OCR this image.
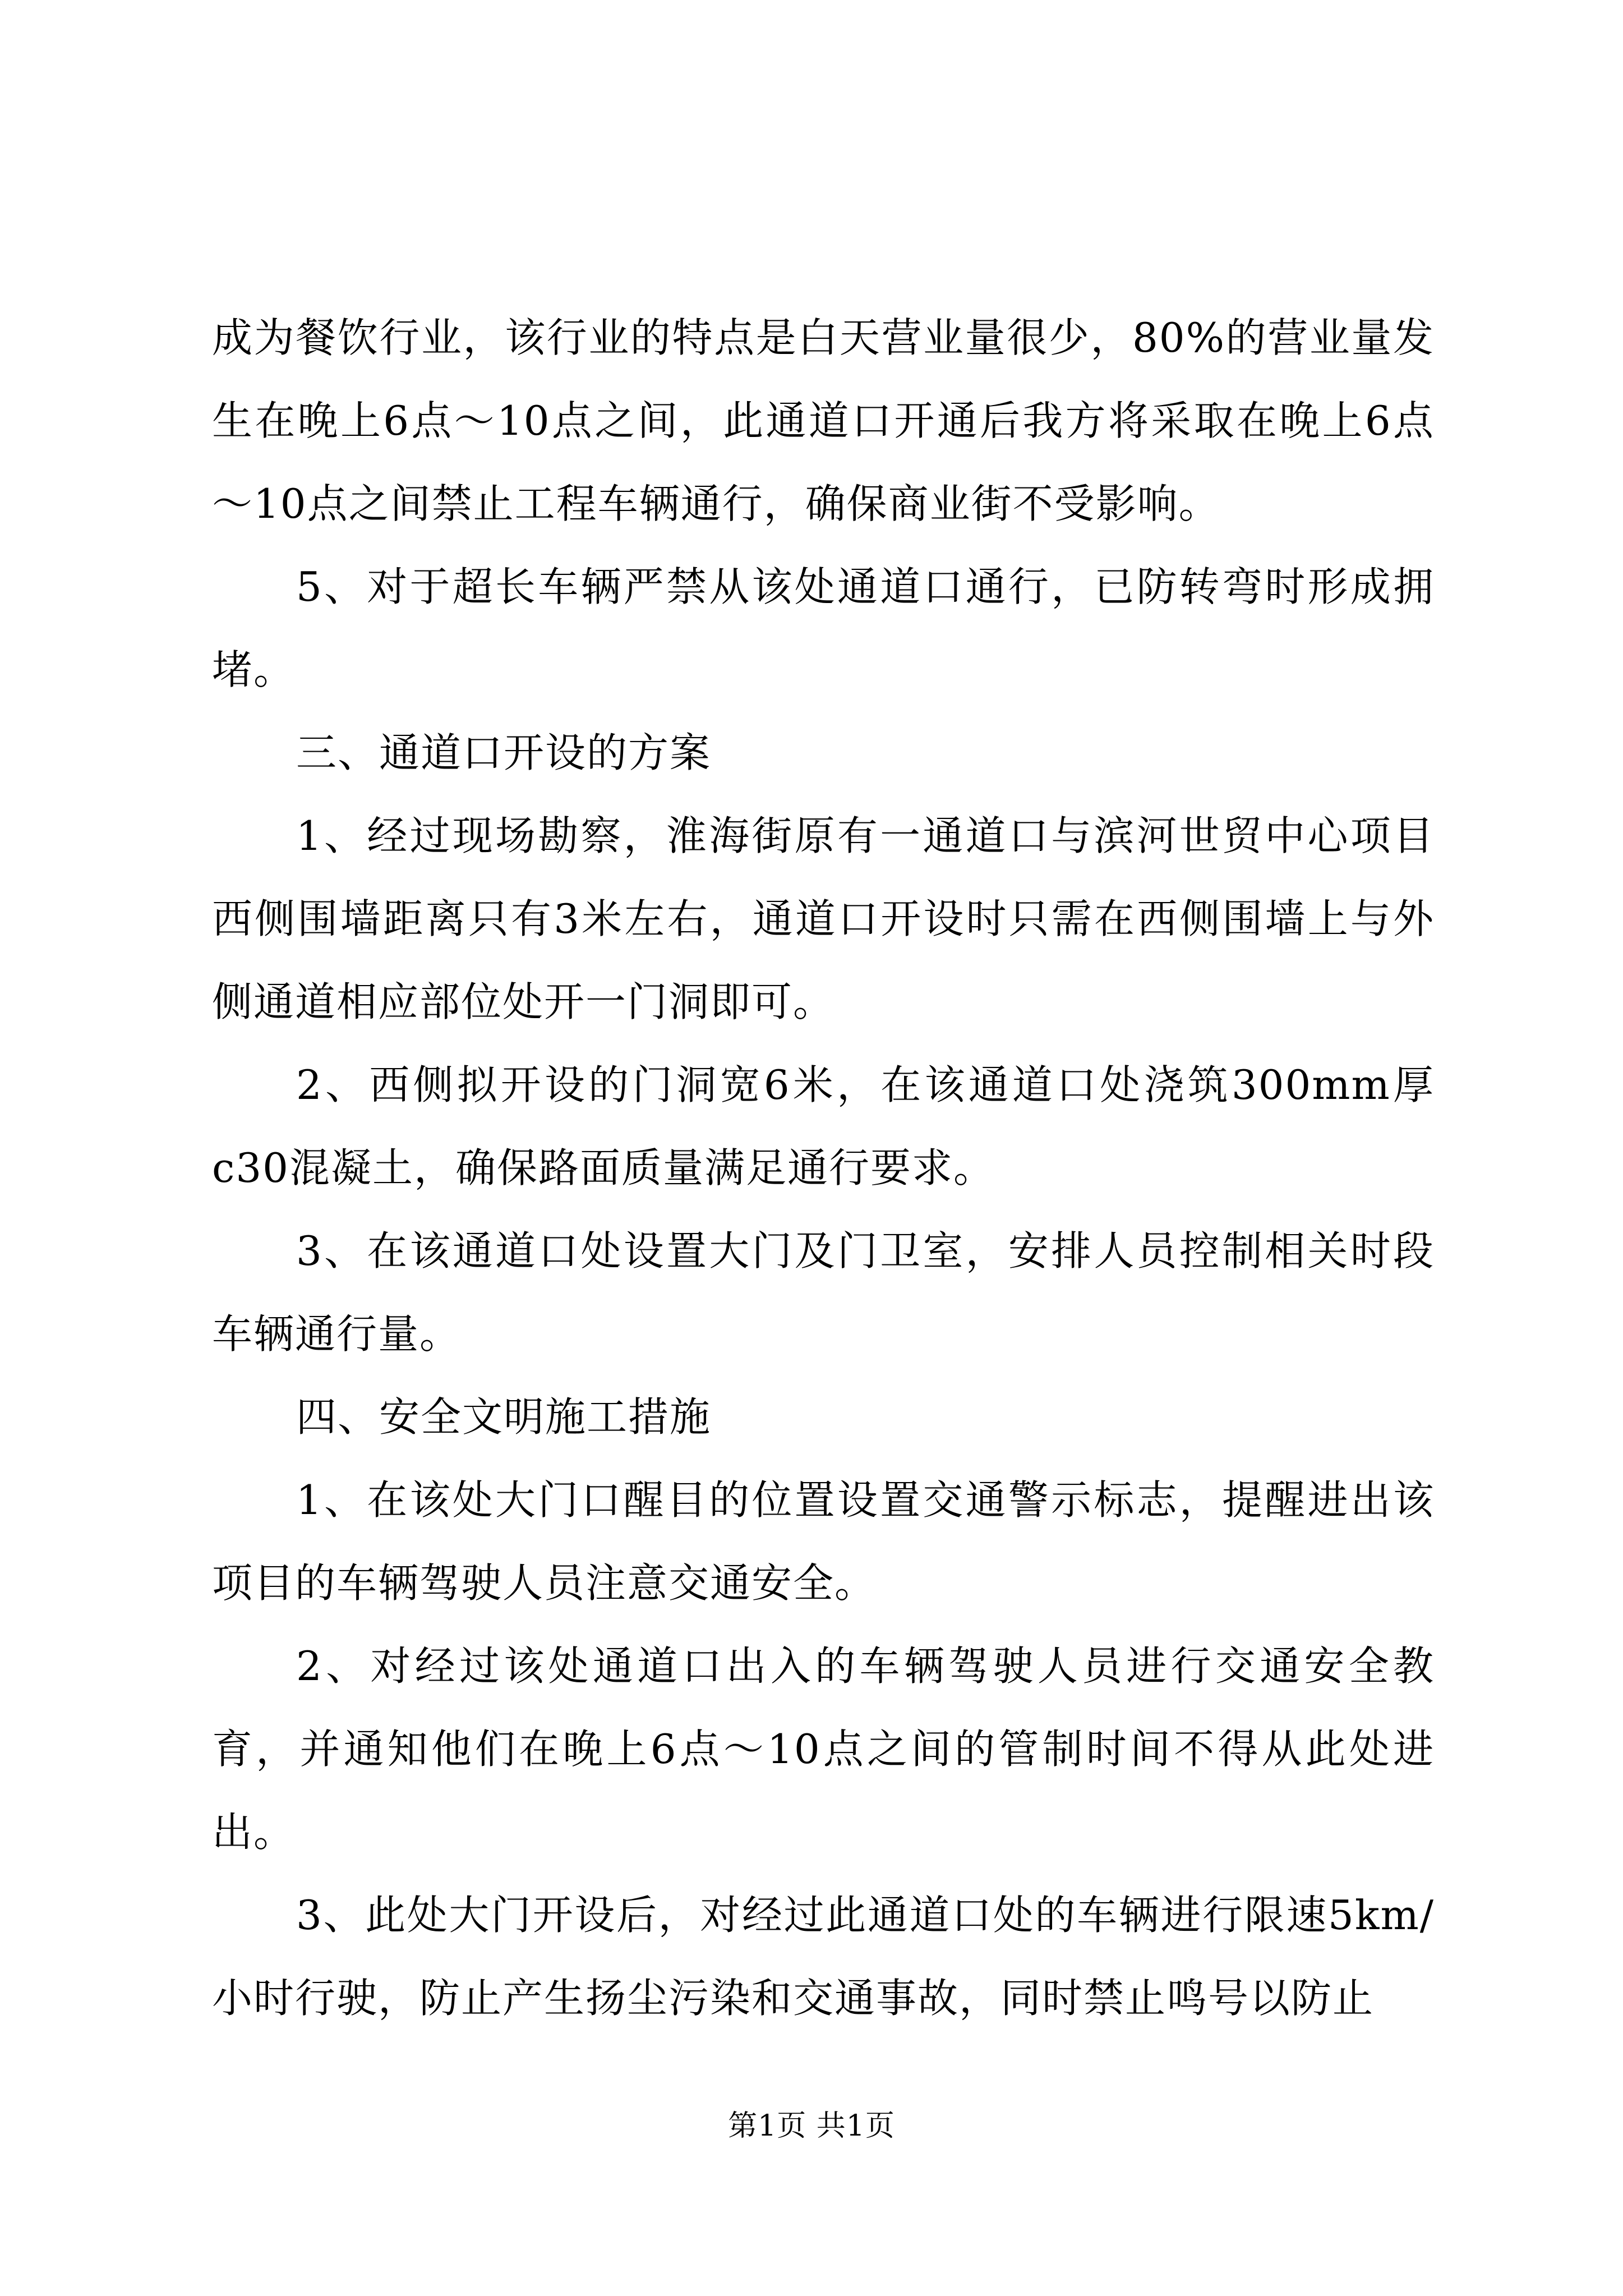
成为餐饮行业，该行业的特点是白天营业量很少，80%的营业量发生在晚上6点～10点之间，此通道口开通后我方将采取在晚上6点～10点之间禁止工程车辆通行，确保商业街不受影响。

5、对于超长车辆严禁从该处通道口通行，已防转弯时形成拥堵。

三、通道口开设的方案

1、经过现场勘察，淮海街原有一通道口与滨河世贸中心项目西侧围墙距离只有3米左右，通道口开设时只需在西侧围墙上与外侧通道相应部位处开一门洞即可。

2、西侧拟开设的门洞宽6米，在该通道口处浇筑300mm厚c30混凝土，确保路面质量满足通行要求。

3、在该通道口处设置大门及门卫室，安排人员控制相关时段车辆通行量。

四、安全文明施工措施

1、在该处大门口醒目的位置设置交通警示标志，提醒进出该项目的车辆驾驶人员注意交通安全。

2、对经过该处通道口出入的车辆驾驶人员进行交通安全教育，并通知他们在晚上6点～10点之间的管制时间不得从此处进出。

3、此处大门开设后，对经过此通道口处的车辆进行限速5km/小时行驶，防止产生扬尘污染和交通事故，同时禁止鸣号以防止

第1页 共1页
